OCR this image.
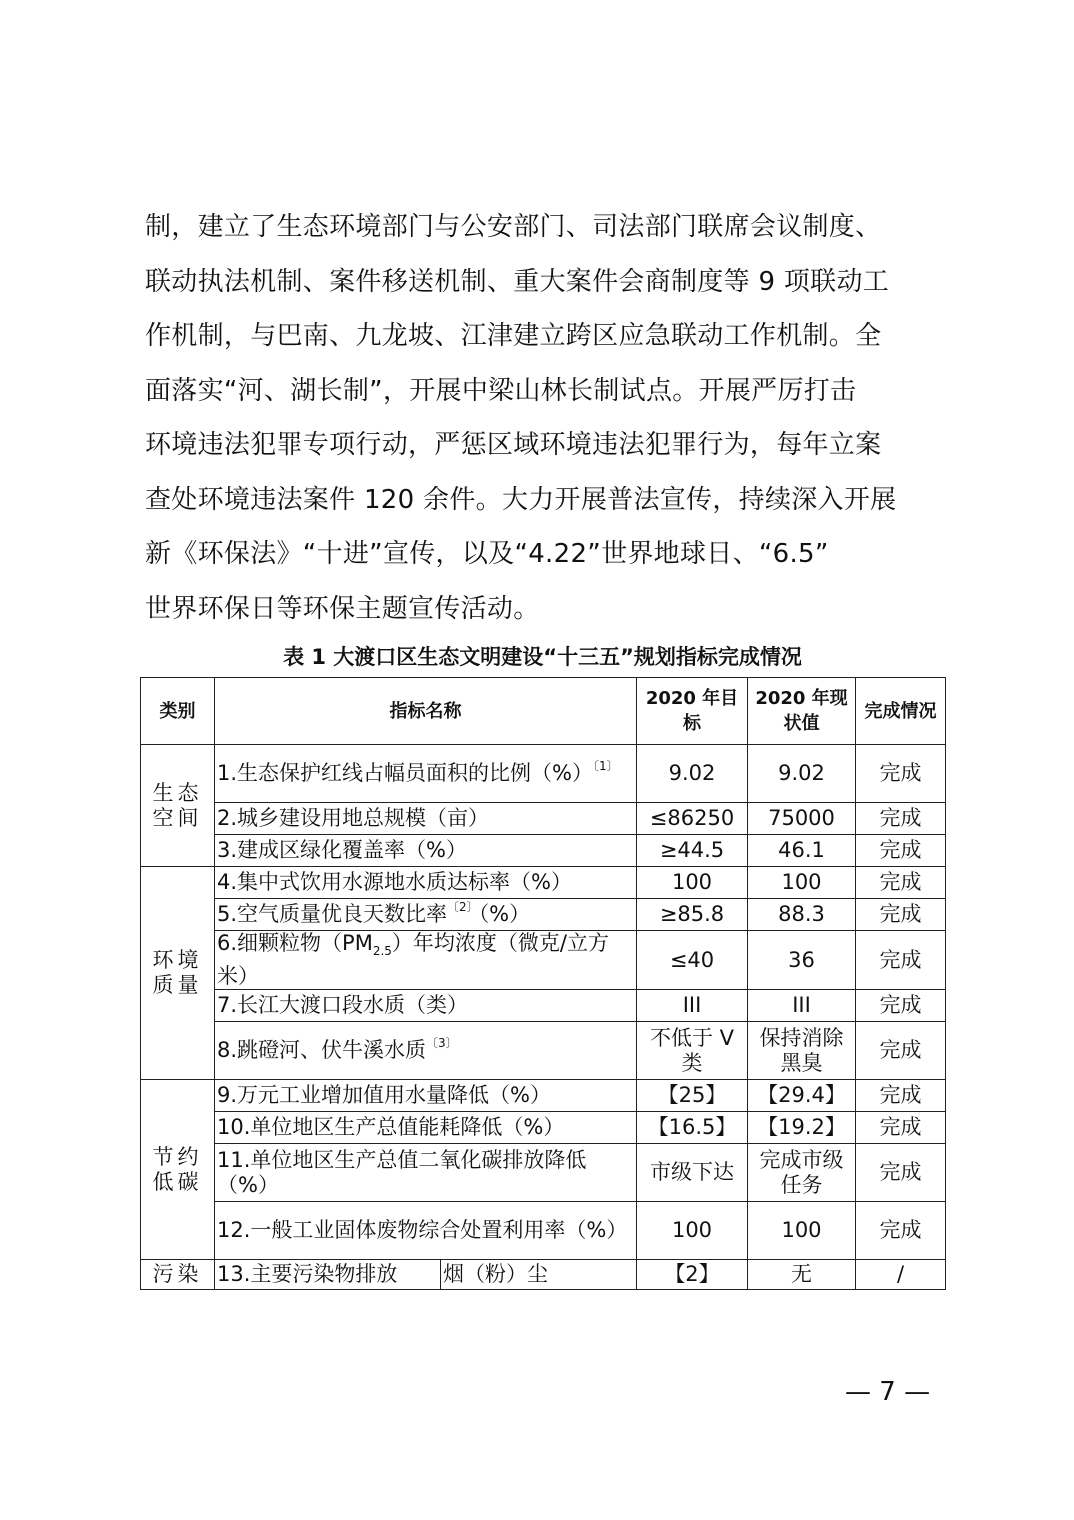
制，建立了生态环境部门与公安部门、司法部门联席会议制度、
联动执法机制、案件移送机制、重大案件会商制度等 9 项联动工
作机制，与巴南、九龙坡、江津建立跨区应急联动工作机制。全
面落实“河、湖长制”，开展中梁山林长制试点。开展严厉打击
环境违法犯罪专项行动，严惩区域环境违法犯罪行为，每年立案
查处环境违法案件 120 余件。大力开展普法宣传，持续深入开展
新《环保法》“十进”宣传，以及“4.22”世界地球日、“6.5”
世界环保日等环保主题宣传活动。
表 1 大渡口区生态文明建设“十三五”规划指标完成情况
类别	指标名称		2020 年目标	2020 年现状值	完成情况
生态空间	1.生态保护红线占幅员面积的比例（%）$^{〔1〕}$		9.02	9.02	完成
	2.城乡建设用地总规模（亩）		≤86250	75000	完成
	3.建成区绿化覆盖率（%）		≥44.5	46.1	完成
环境质量	4.集中式饮用水源地水质达标率（%）		100	100	完成
	5.空气质量优良天数比率$^{〔2〕}$（%）		≥85.8	88.3	完成
	6.细颗粒物$(PM_{2.5})$年均浓度（微克/立方米）		≤40	36	完成
	7.长江大渡口段水质（类）		III	III	完成
	8.跳磴河、伏牛溪水质$^{〔3〕}$		不低于 V 类	保持消除黑臭	完成
节约低碳	9.万元工业增加值用水量降低（%）		【25】	【29.4】	完成
	10.单位地区生产总值能耗降低（%）		【16.5】	【19.2】	完成
	11.单位地区生产总值二氧化碳排放降低（%）		市级下达	完成市级任务	完成
	12.一般工业固体废物综合处置利用率（%）		100	100	完成
污染	13.主要污染物排放	烟（粉）尘	【2】	无	/
— 7 —
